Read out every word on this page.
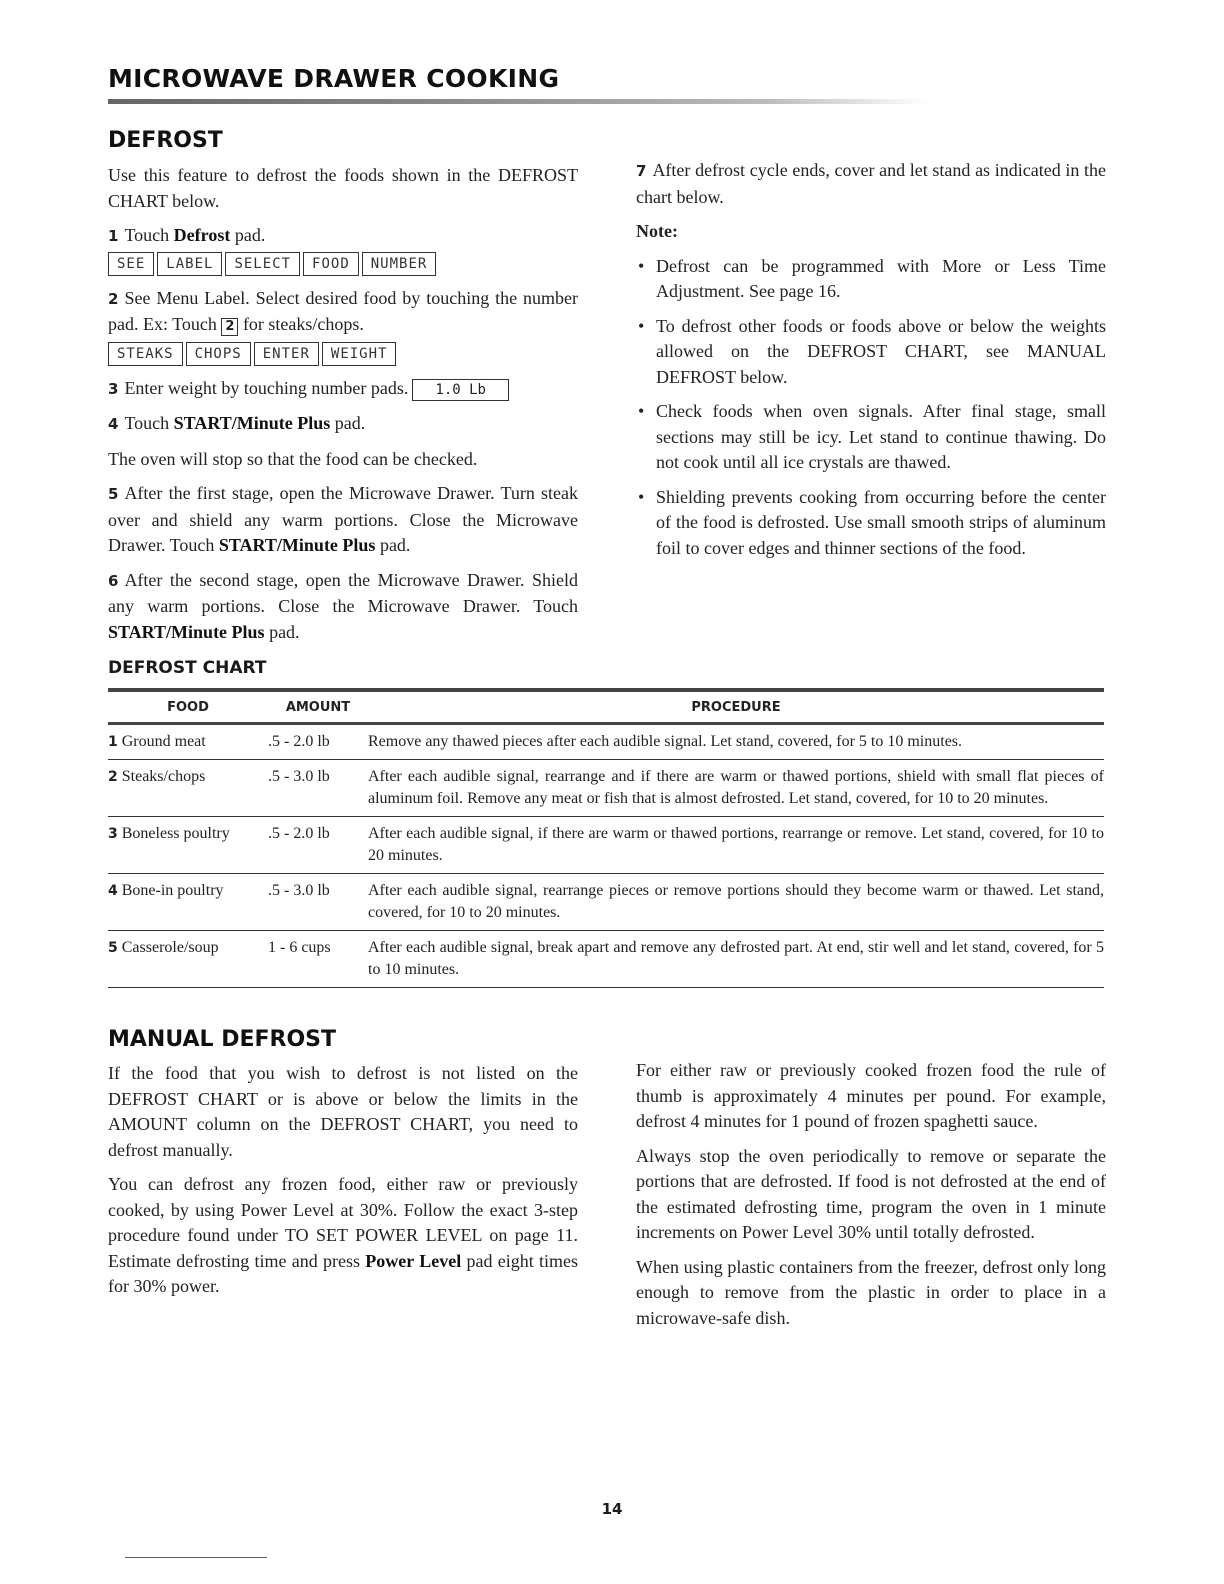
MICROWAVE DRAWER COOKING
DEFROST

Use this feature to defrost the foods shown in the DEFROST CHART below.

1 Touch Defrost pad.

SEE	LABEL	SELECT	FOOD	NUMBER

2 See Menu Label. Select desired food by touching the number pad. Ex: Touch 2 for steaks/chops.

STEAKS	CHOPS	ENTER	WEIGHT

3 Enter weight by touching number pads. 1.0 Lb

4 Touch START/Minute Plus pad.

The oven will stop so that the food can be checked.

5 After the first stage, open the Microwave Drawer. Turn steak over and shield any warm portions. Close the Microwave Drawer. Touch START/Minute Plus pad.

6 After the second stage, open the Microwave Drawer. Shield any warm portions. Close the Microwave Drawer. Touch START/Minute Plus pad.

7 After defrost cycle ends, cover and let stand as indicated in the chart below.

Note:

• Defrost can be programmed with More or Less Time Adjustment. See page 16.
• To defrost other foods or foods above or below the weights allowed on the DEFROST CHART, see MANUAL DEFROST below.
• Check foods when oven signals. After final stage, small sections may still be icy. Let stand to continue thawing. Do not cook until all ice crystals are thawed.
• Shielding prevents cooking from occurring before the center of the food is defrosted. Use small smooth strips of aluminum foil to cover edges and thinner sections of the food.
DEFROST CHART
FOOD	AMOUNT	PROCEDURE
1 Ground meat	.5 - 2.0 lb	Remove any thawed pieces after each audible signal. Let stand, covered, for 5 to 10 minutes.
2 Steaks/chops	.5 - 3.0 lb	After each audible signal, rearrange and if there are warm or thawed portions, shield with small flat pieces of aluminum foil. Remove any meat or fish that is almost defrosted. Let stand, covered, for 10 to 20 minutes.
3 Boneless poultry	.5 - 2.0 lb	After each audible signal, if there are warm or thawed portions, rearrange or remove. Let stand, covered, for 10 to 20 minutes.
4 Bone-in poultry	.5 - 3.0 lb	After each audible signal, rearrange pieces or remove portions should they become warm or thawed. Let stand, covered, for 10 to 20 minutes.
5 Casserole/soup	1 - 6 cups	After each audible signal, break apart and remove any defrosted part. At end, stir well and let stand, covered, for 5 to 10 minutes.
MANUAL DEFROST

If the food that you wish to defrost is not listed on the DEFROST CHART or is above or below the limits in the AMOUNT column on the DEFROST CHART, you need to defrost manually.

You can defrost any frozen food, either raw or previously cooked, by using Power Level at 30%. Follow the exact 3-step procedure found under TO SET POWER LEVEL on page 11. Estimate defrosting time and press Power Level pad eight times for 30% power.

For either raw or previously cooked frozen food the rule of thumb is approximately 4 minutes per pound. For example, defrost 4 minutes for 1 pound of frozen spaghetti sauce.

Always stop the oven periodically to remove or separate the portions that are defrosted. If food is not defrosted at the end of the estimated defrosting time, program the oven in 1 minute increments on Power Level 30% until totally defrosted.

When using plastic containers from the freezer, defrost only long enough to remove from the plastic in order to place in a microwave-safe dish.

14
